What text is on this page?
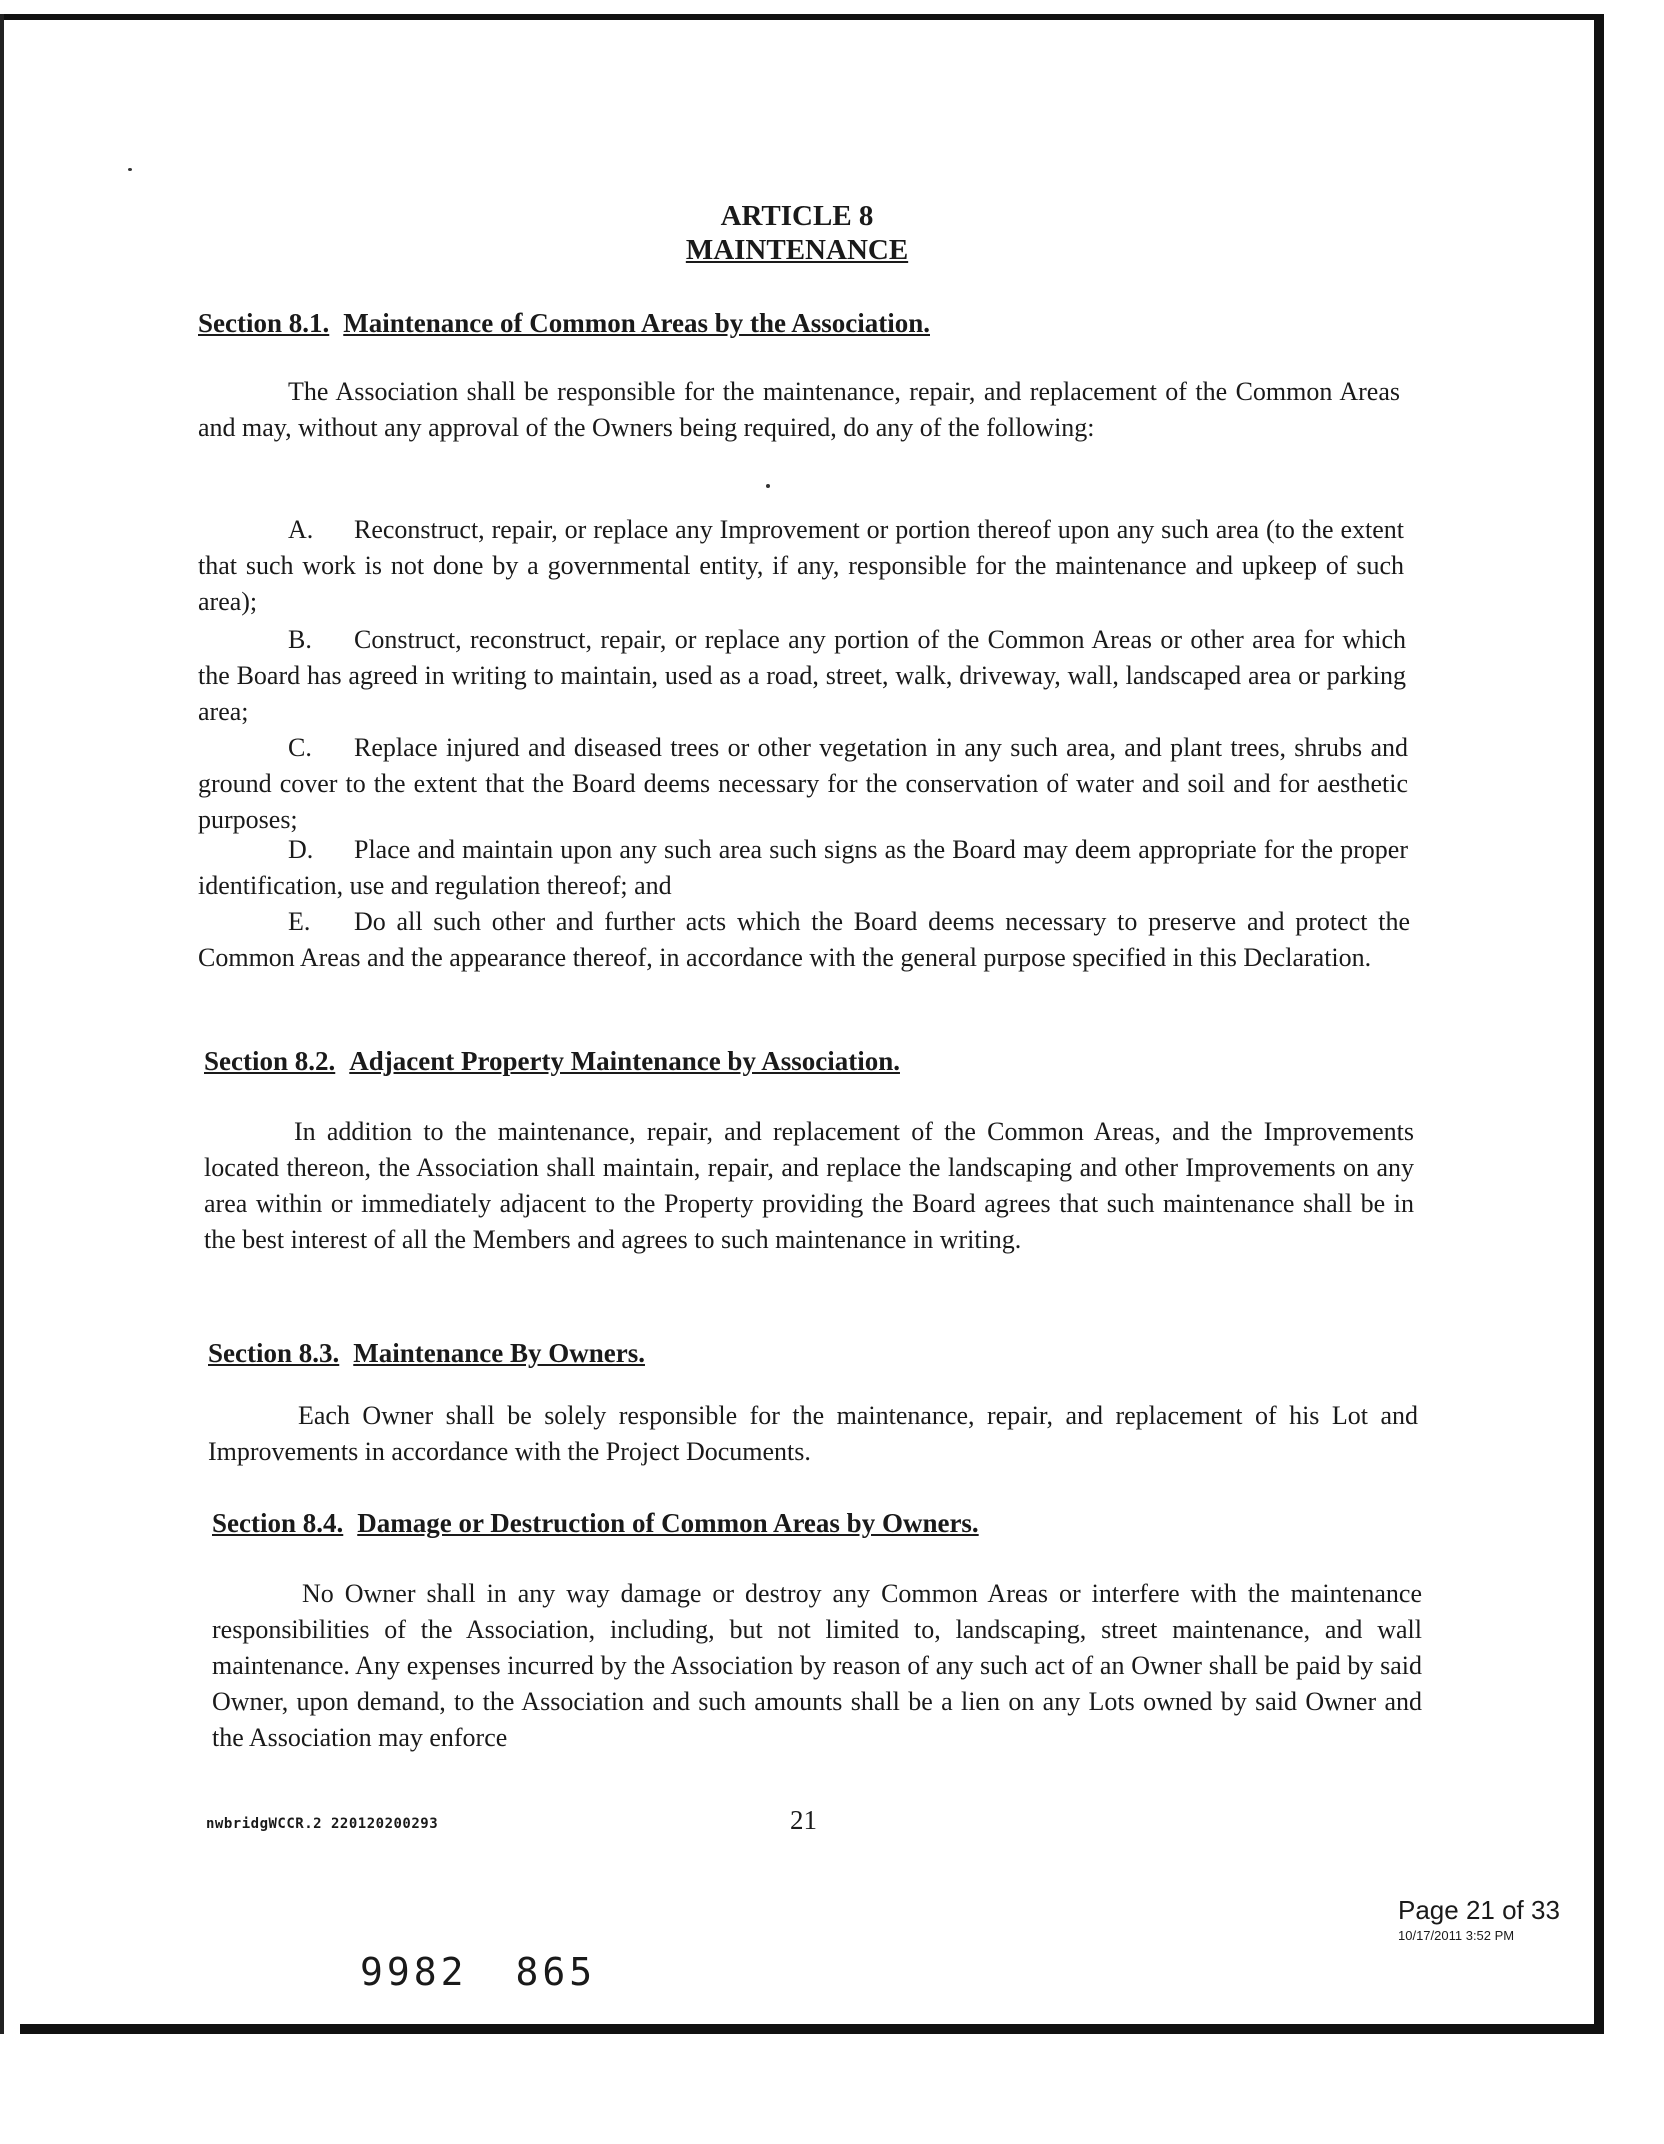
ARTICLE 8
MAINTENANCE
Section 8.1. Maintenance of Common Areas by the Association.
The Association shall be responsible for the maintenance, repair, and replacement of the Common Areas and may, without any approval of the Owners being required, do any of the following:
A. Reconstruct, repair, or replace any Improvement or portion thereof upon any such area (to the extent that such work is not done by a governmental entity, if any, responsible for the maintenance and upkeep of such area);
B. Construct, reconstruct, repair, or replace any portion of the Common Areas or other area for which the Board has agreed in writing to maintain, used as a road, street, walk, driveway, wall, landscaped area or parking area;
C. Replace injured and diseased trees or other vegetation in any such area, and plant trees, shrubs and ground cover to the extent that the Board deems necessary for the conservation of water and soil and for aesthetic purposes;
D. Place and maintain upon any such area such signs as the Board may deem appropriate for the proper identification, use and regulation thereof; and
E. Do all such other and further acts which the Board deems necessary to preserve and protect the Common Areas and the appearance thereof, in accordance with the general purpose specified in this Declaration.
Section 8.2. Adjacent Property Maintenance by Association.
In addition to the maintenance, repair, and replacement of the Common Areas, and the Improvements located thereon, the Association shall maintain, repair, and replace the landscaping and other Improvements on any area within or immediately adjacent to the Property providing the Board agrees that such maintenance shall be in the best interest of all the Members and agrees to such maintenance in writing.
Section 8.3. Maintenance By Owners.
Each Owner shall be solely responsible for the maintenance, repair, and replacement of his Lot and Improvements in accordance with the Project Documents.
Section 8.4. Damage or Destruction of Common Areas by Owners.
No Owner shall in any way damage or destroy any Common Areas or interfere with the maintenance responsibilities of the Association, including, but not limited to, landscaping, street maintenance, and wall maintenance. Any expenses incurred by the Association by reason of any such act of an Owner shall be paid by said Owner, upon demand, to the Association and such amounts shall be a lien on any Lots owned by said Owner and the Association may enforce
nwbridgWCCR.2 220120200293	21
Page 21 of 33
10/17/2011 3:52 PM
9982 865
